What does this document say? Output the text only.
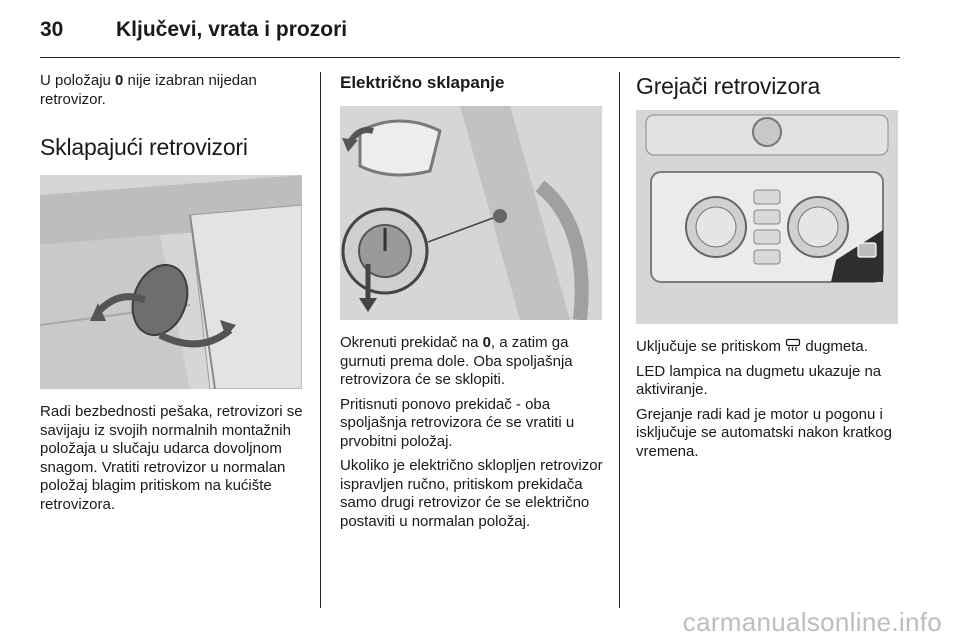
30	Ključevi, vrata i prozori

U položaju 0 nije izabran nijedan retrovizor.

Sklapajući retrovizori

Radi bezbednosti pešaka, retrovizori se savijaju iz svojih normalnih montažnih položaja u slučaju udarca dovoljnom snagom. Vratiti retrovizor u normalan položaj blagim pritiskom na kućište retrovizora.

Električno sklapanje

Okrenuti prekidač na 0, a zatim ga gurnuti prema dole. Oba spoljašnja retrovizora će se sklopiti.

Pritisnuti ponovo prekidač - oba spoljašnja retrovizora će se vratiti u prvobitni položaj.

Ukoliko je električno sklopljen retrovizor ispravljen ručno, pritiskom prekidača samo drugi retrovizor će se električno postaviti u normalan položaj.

Grejači retrovizora

Uključuje se pritiskom  dugmeta.

LED lampica na dugmetu ukazuje na aktiviranje.

Grejanje radi kad je motor u pogonu i isključuje se automatski nakon kratkog vremena.

carmanualsonline.info
